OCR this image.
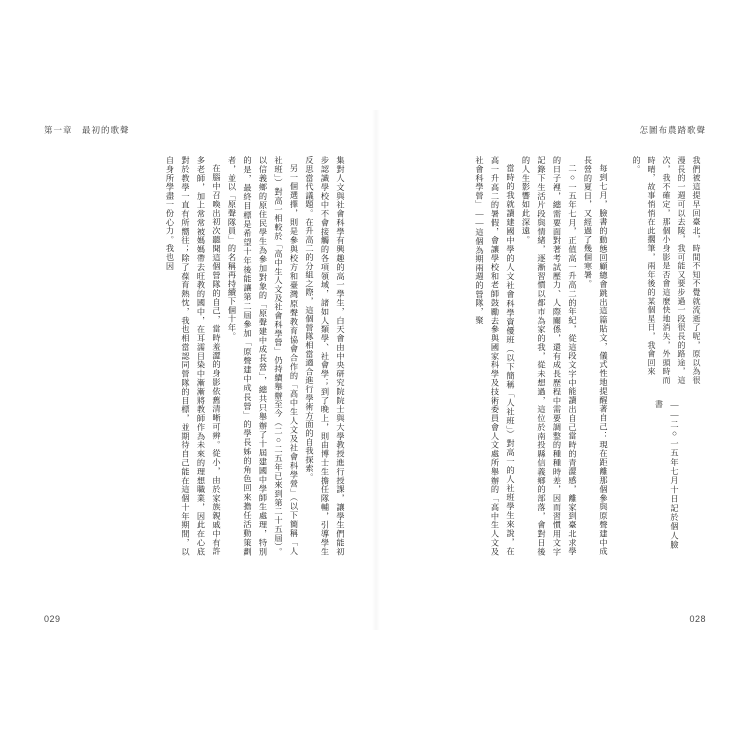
第一章　最初的歌聲

集對人文與社會科學有興趣的高一學生，白天會由中央研究院院士與大學教授進行授課，讓學生們能初步認識學校中不會接觸的各項領域，諸如人類學、社會學；到了晚上，則由博士生擔任隊輔，引導學生反思當代議題。在升高二的分組之際，這個營隊相當適合進行學術方面的自我探索。

另一個選擇，則是參與校方和臺灣原聲教育協會合作的「高中生人文及社會科學營」（以下簡稱「人社班」）對高一相較於「高中生人文及社會科學營」仍持續舉辦至今（二○二五年已來到第二十五屆）。以信義鄉的原住民學生為參加對象的「原聲建中成長營」，總共只舉辦了十屆建國中學師生處理，特別的是，最終目標是希望十年後能讓第二屆參加「原聲建中成長營」的學長姊的角色回來擔任活動策劃者，並以「原聲隊員」的名稱再持續下個十年。

在腦中召喚出初次聽聞這個營隊的自己，當時羞澀的身影依舊清晰可辨。從小，由於家族親戚中有許多老師，加上常常被媽媽帶去旺教的國中，在耳濡目染中漸漸將教師作為未來的理想職業，因此在心底對於教學一直有所嚮往；除了葆育熱忱，我也相當認同營隊的目標，並期待自己能在這個十年期間，以自身所學盡一份心力。我也因

029
怎圖布農踏歌聲
我們被這提早回臺北，時間不知不覺就流逝了呢，原以為很漫長的一週可以去陵，我可能又要步過一段很長的路途，這次，我不確定，那個小身影是否會這麼快地消失，外頭時而時晴，故事悄悄在此擱筆，兩年後的某個星日，我會回來的。
——二○一五年七月十日記於個人臉書

每到七月，臉書的動態回顧總會跳出這篇貼文，儀式性地提醒著自己：現在距離那個參與原聲建中成長營的夏日，又經過了幾個寒暑。

二○一五年七月，正值高一升高二的年紀，從這段文字中能讀出自己當時的青澀感，離家到臺北求學的日子裡，總需要面對著考試壓力、人際關係，還有成長歷程中需要調整的種種時差，因而習慣用文字記錄下生活片段與情緒，逐漸習慣以都市為家的我，從未想過，這位於南投縣信義鄉的部落，會對日後的人生影響如此深遠。

當時的我就讀建國中學的人文社會科學資優班（以下簡稱「人社班」）對高一的人社班學生來說，在高一升高二的暑假，會讓學校和老師鼓勵去參與國家科學及技術委員會人文處所舉辦的「高中生人文及社會科學營」——這個為期兩週的營隊，聚

028
